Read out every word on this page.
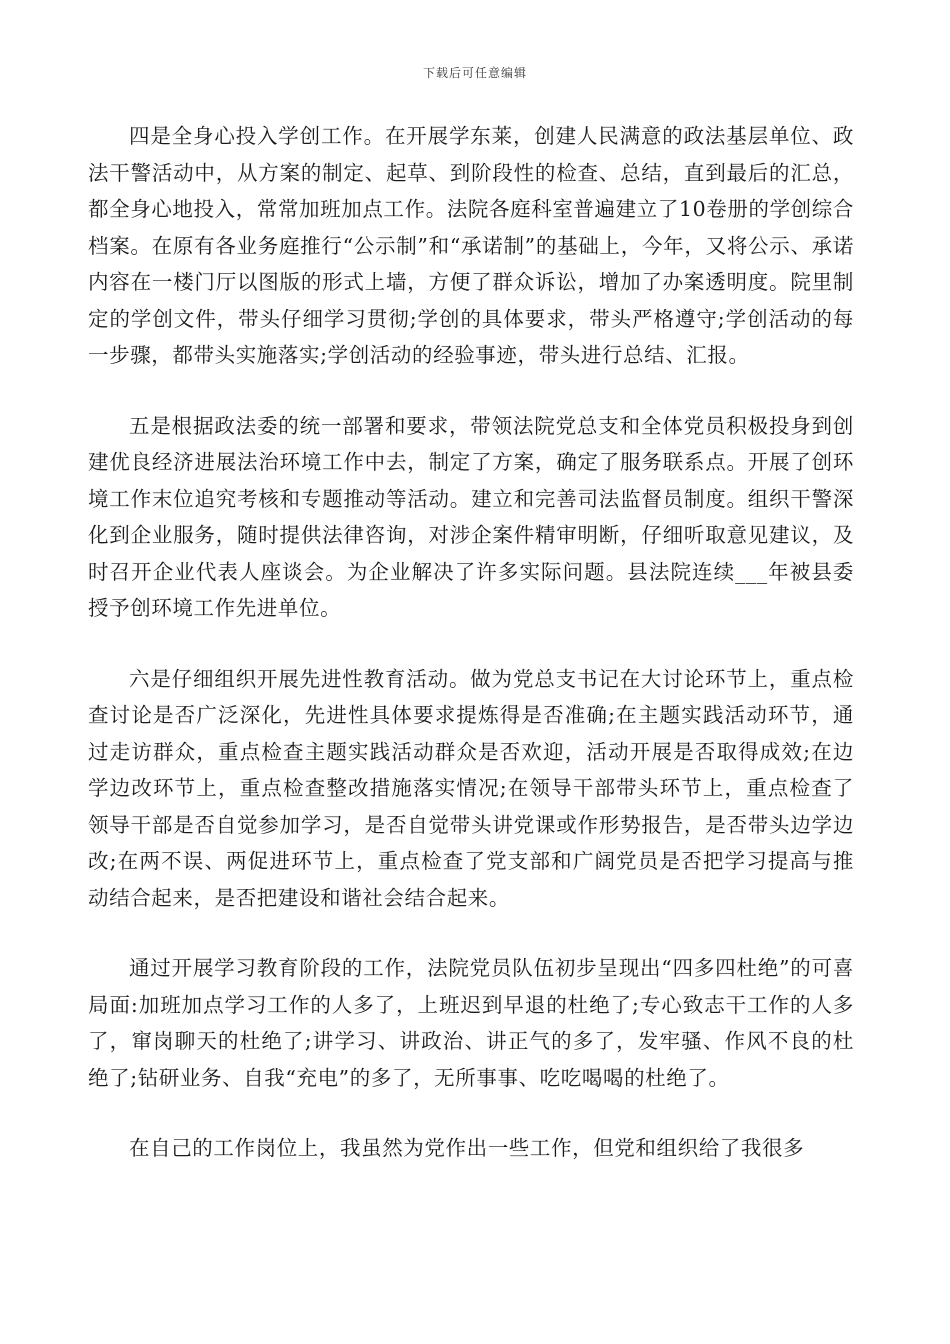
下载后可任意编辑

四是全身心投入学创工作。在开展学东莱，创建人民满意的政法基层单位、政法干警活动中，从方案的制定、起草、到阶段性的检查、总结，直到最后的汇总，都全身心地投入，常常加班加点工作。法院各庭科室普遍建立了10卷册的学创综合档案。在原有各业务庭推行“公示制”和“承诺制”的基础上，今年，又将公示、承诺内容在一楼门厅以图版的形式上墙，方便了群众诉讼，增加了办案透明度。院里制定的学创文件，带头仔细学习贯彻;学创的具体要求，带头严格遵守;学创活动的每一步骤，都带头实施落实;学创活动的经验事迹，带头进行总结、汇报。

五是根据政法委的统一部署和要求，带领法院党总支和全体党员积极投身到创建优良经济进展法治环境工作中去，制定了方案，确定了服务联系点。开展了创环境工作末位追究考核和专题推动等活动。建立和完善司法监督员制度。组织干警深化到企业服务，随时提供法律咨询，对涉企案件精审明断，仔细听取意见建议，及时召开企业代表人座谈会。为企业解决了许多实际问题。县法院连续___年被县委授予创环境工作先进单位。

六是仔细组织开展先进性教育活动。做为党总支书记在大讨论环节上，重点检查讨论是否广泛深化，先进性具体要求提炼得是否准确;在主题实践活动环节，通过走访群众，重点检查主题实践活动群众是否欢迎，活动开展是否取得成效;在边学边改环节上，重点检查整改措施落实情况;在领导干部带头环节上，重点检查了领导干部是否自觉参加学习，是否自觉带头讲党课或作形势报告，是否带头边学边改;在两不误、两促进环节上，重点检查了党支部和广阔党员是否把学习提高与推动结合起来，是否把建设和谐社会结合起来。

通过开展学习教育阶段的工作，法院党员队伍初步呈现出“四多四杜绝”的可喜局面:加班加点学习工作的人多了，上班迟到早退的杜绝了;专心致志干工作的人多了，窜岗聊天的杜绝了;讲学习、讲政治、讲正气的多了，发牢骚、作风不良的杜绝了;钻研业务、自我“充电”的多了，无所事事、吃吃喝喝的杜绝了。

在自己的工作岗位上，我虽然为党作出一些工作，但党和组织给了我很多
